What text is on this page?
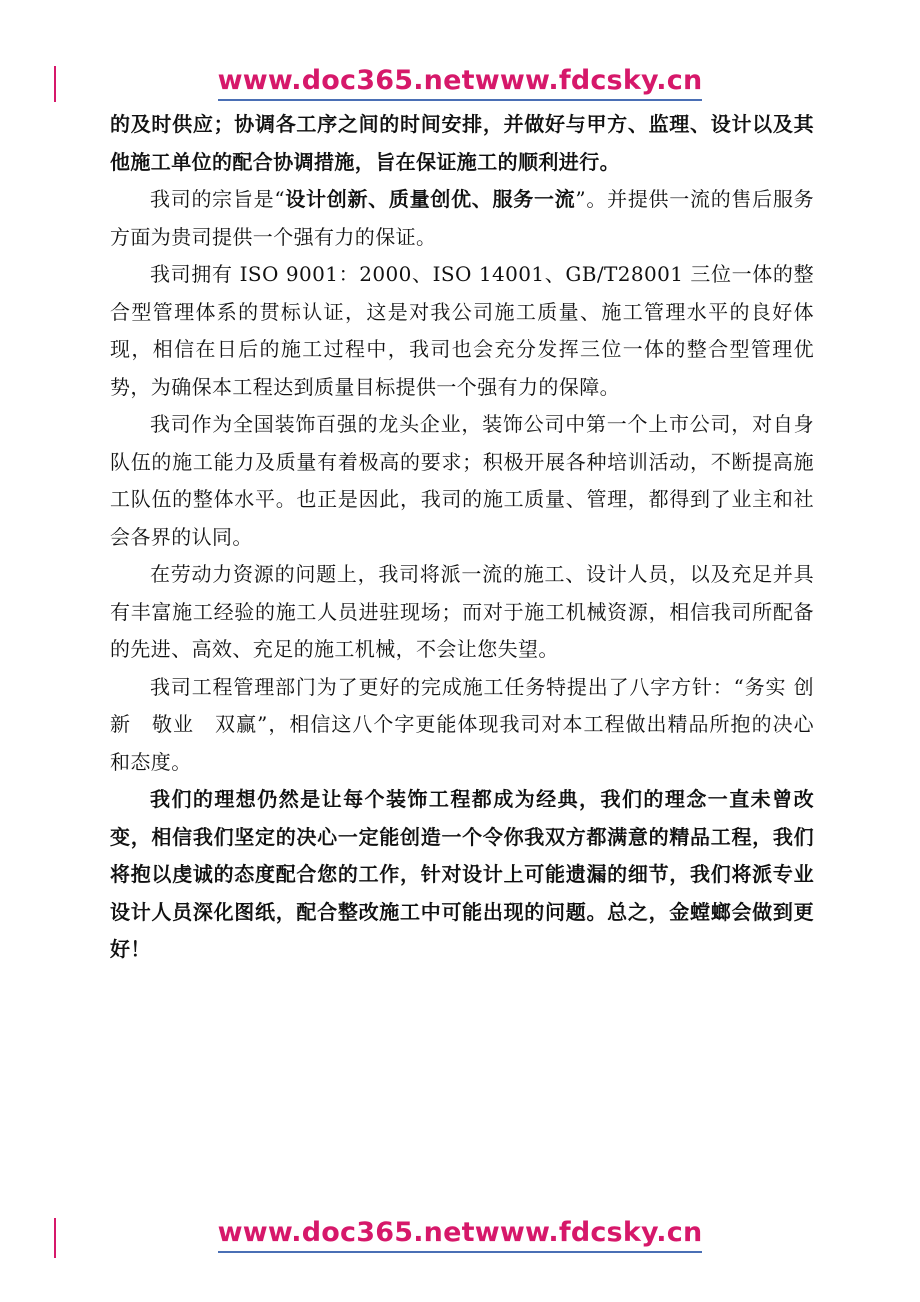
www.doc365.netwww.fdcsky.cn

的及时供应；协调各工序之间的时间安排，并做好与甲方、监理、设计以及其他施工单位的配合协调措施，旨在保证施工的顺利进行。

我司的宗旨是“设计创新、质量创优、服务一流”。并提供一流的售后服务方面为贵司提供一个强有力的保证。

我司拥有 ISO 9001：2000、ISO 14001、GB/T28001 三位一体的整合型管理体系的贯标认证，这是对我公司施工质量、施工管理水平的良好体现，相信在日后的施工过程中，我司也会充分发挥三位一体的整合型管理优势，为确保本工程达到质量目标提供一个强有力的保障。

我司作为全国装饰百强的龙头企业，装饰公司中第一个上市公司，对自身队伍的施工能力及质量有着极高的要求；积极开展各种培训活动，不断提高施工队伍的整体水平。也正是因此，我司的施工质量、管理，都得到了业主和社会各界的认同。

在劳动力资源的问题上，我司将派一流的施工、设计人员，以及充足并具有丰富施工经验的施工人员进驻现场；而对于施工机械资源，相信我司所配备的先进、高效、充足的施工机械，不会让您失望。

我司工程管理部门为了更好的完成施工任务特提出了八字方针：“务实 创新　敬业　双赢”，相信这八个字更能体现我司对本工程做出精品所抱的决心和态度。

我们的理想仍然是让每个装饰工程都成为经典，我们的理念一直未曾改变，相信我们坚定的决心一定能创造一个令你我双方都满意的精品工程，我们将抱以虔诚的态度配合您的工作，针对设计上可能遗漏的细节，我们将派专业设计人员深化图纸，配合整改施工中可能出现的问题。总之，金螳螂会做到更好！

www.doc365.netwww.fdcsky.cn
